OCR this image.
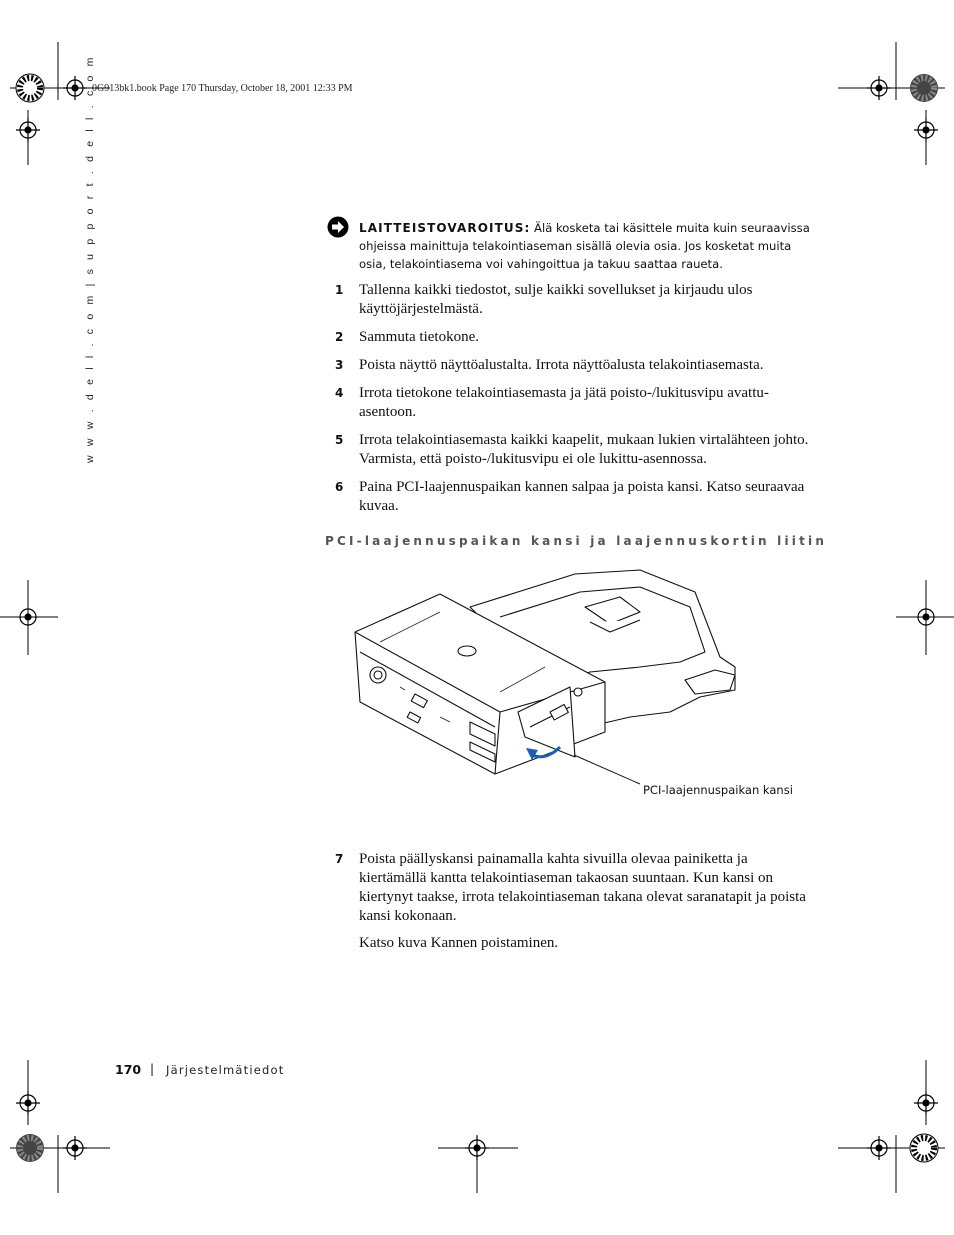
0G913bk1.book Page 170 Thursday, October 18, 2001 12:33 PM
w w w . d e l l . c o m | s u p p o r t . d e l l . c o m	LAITTEISTOVAROITUS: Älä kosketa tai käsittele muita kuin seuraavissa ohjeissa mainittuja telakointiaseman sisällä olevia osia. Jos kosketat muita osia, telakointiasema voi vahingoittua ja takuu saattaa raueta.
1	Tallenna kaikki tiedostot, sulje kaikki sovellukset ja kirjaudu ulos käyttöjärjestelmästä.
2	Sammuta tietokone.
3	Poista näyttö näyttöalustalta. Irrota näyttöalusta telakointiasemasta.
4	Irrota tietokone telakointiasemasta ja jätä poisto-/lukitusvipu avattu-asentoon.
5	Irrota telakointiasemasta kaikki kaapelit, mukaan lukien virtalähteen johto. Varmista, että poisto-/lukitusvipu ei ole lukittu-asennossa.
6	Paina PCI-laajennuspaikan kannen salpaa ja poista kansi. Katso seuraavaa kuvaa.
PCI-laajennuspaikan kansi ja laajennuskortin liitin
PCI-laajennuspaikan kansi
7	Poista päällyskansi painamalla kahta sivuilla olevaa painiketta ja kiertämällä kantta telakointiaseman takaosan suuntaan. Kun kansi on kiertynyt taakse, irrota telakointiaseman takana olevat saranatapit ja poista kansi kokonaan.
Katso kuva Kannen poistaminen.
170 | Järjestelmätiedot
